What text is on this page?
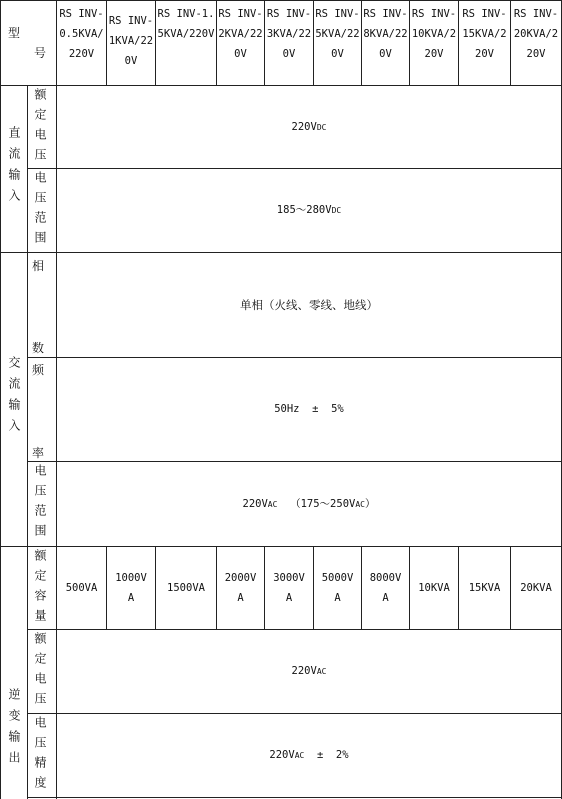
型
号
RS INV-0.5KVA/220V
RS INV-1KVA/220V
RS INV-1.5KVA/220V
RS INV-2KVA/220V
RS INV-3KVA/220V
RS INV-5KVA/220V
RS INV-8KVA/220V
RS INV-10KVA/220V
RS INV-15KVA/220V
RS INV-20KVA/220V
直流输入
交流输入
逆变输出
额定电压
电压范围
相
数
频
率
电压范围
额定容量
额定电压
电压精度
220V DC
185～280V DC
单相（火线、零线、地线）
50Hz  ±  5%
220V AC （175～250V AC ）
500VA
1000VA
1500VA
2000VA
3000VA
5000VA
8000VA
10KVA	15KVA	20KVA
220V AC
220V AC ±  2%
